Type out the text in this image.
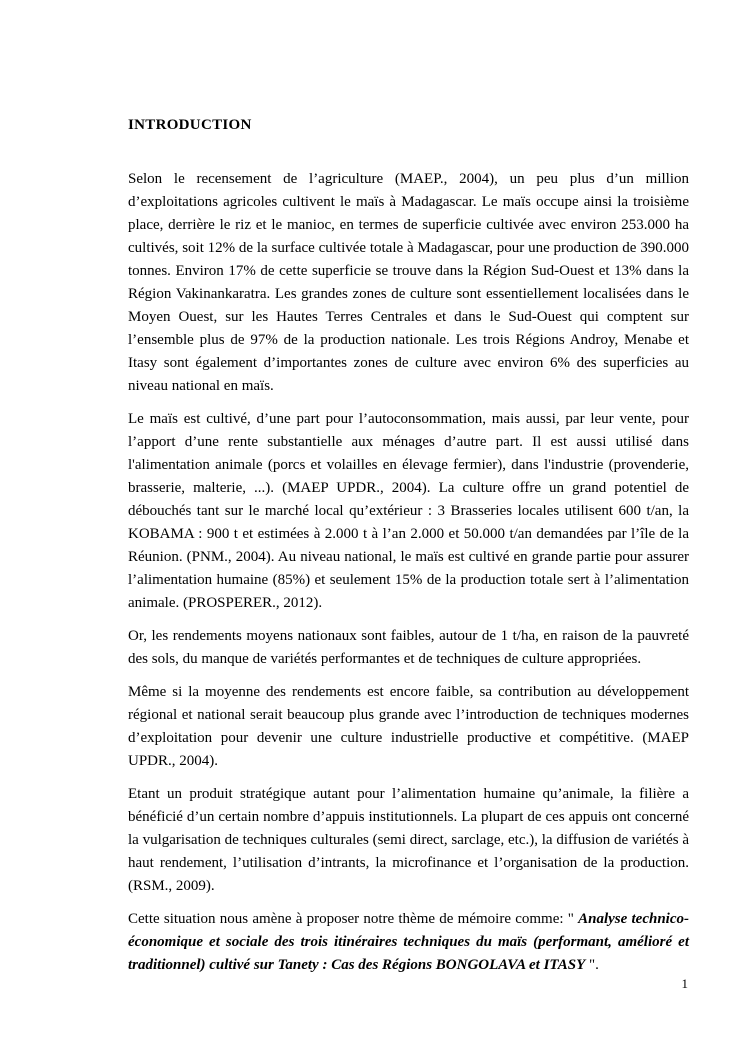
INTRODUCTION

Selon le recensement de l’agriculture (MAEP., 2004), un peu plus d’un million d’exploitations agricoles cultivent le maïs à Madagascar. Le maïs occupe ainsi la troisième place, derrière le riz et le manioc, en termes de superficie cultivée avec environ 253.000 ha cultivés, soit 12% de la surface cultivée totale à Madagascar, pour une production de 390.000 tonnes. Environ 17% de cette superficie se trouve dans la Région Sud-Ouest et 13% dans la Région Vakinankaratra. Les grandes zones de culture sont essentiellement localisées dans le Moyen Ouest, sur les Hautes Terres Centrales et dans le Sud-Ouest qui comptent sur l’ensemble plus de 97% de la production nationale. Les trois Régions Androy, Menabe et Itasy sont également d’importantes zones de culture avec environ 6% des superficies au niveau national en maïs.

Le maïs est cultivé, d’une part pour l’autoconsommation, mais aussi, par leur vente, pour l’apport d’une rente substantielle aux ménages d’autre part. Il est aussi utilisé dans l'alimentation animale (porcs et volailles en élevage fermier), dans l'industrie (provenderie, brasserie, malterie, ...). (MAEP UPDR., 2004). La culture offre un grand potentiel de débouchés tant sur le marché local qu’extérieur : 3 Brasseries locales utilisent 600 t/an, la KOBAMA : 900 t et estimées à 2.000 t à l’an 2.000 et 50.000 t/an demandées par l’île de la Réunion. (PNM., 2004). Au niveau national, le maïs est cultivé en grande partie pour assurer l’alimentation humaine (85%) et seulement 15% de la production totale sert à l’alimentation animale. (PROSPERER., 2012).

Or, les rendements moyens nationaux sont faibles, autour de 1 t/ha, en raison de la pauvreté des sols, du manque de variétés performantes et de techniques de culture appropriées.

Même si la moyenne des rendements est encore faible, sa contribution au développement régional et national serait beaucoup plus grande avec l’introduction de techniques modernes d’exploitation pour devenir une culture industrielle productive et compétitive. (MAEP UPDR., 2004).

Etant un produit stratégique autant pour l’alimentation humaine qu’animale, la filière a bénéficié d’un certain nombre d’appuis institutionnels. La plupart de ces appuis ont concerné la vulgarisation de techniques culturales (semi direct, sarclage, etc.), la diffusion de variétés à haut rendement, l’utilisation d’intrants, la microfinance et l’organisation de la production. (RSM., 2009).

Cette situation nous amène à proposer notre thème de mémoire comme: " Analyse technico-économique et sociale des trois itinéraires techniques du maïs (performant, amélioré et traditionnel) cultivé sur Tanety : Cas des Régions BONGOLAVA et ITASY ".

1
